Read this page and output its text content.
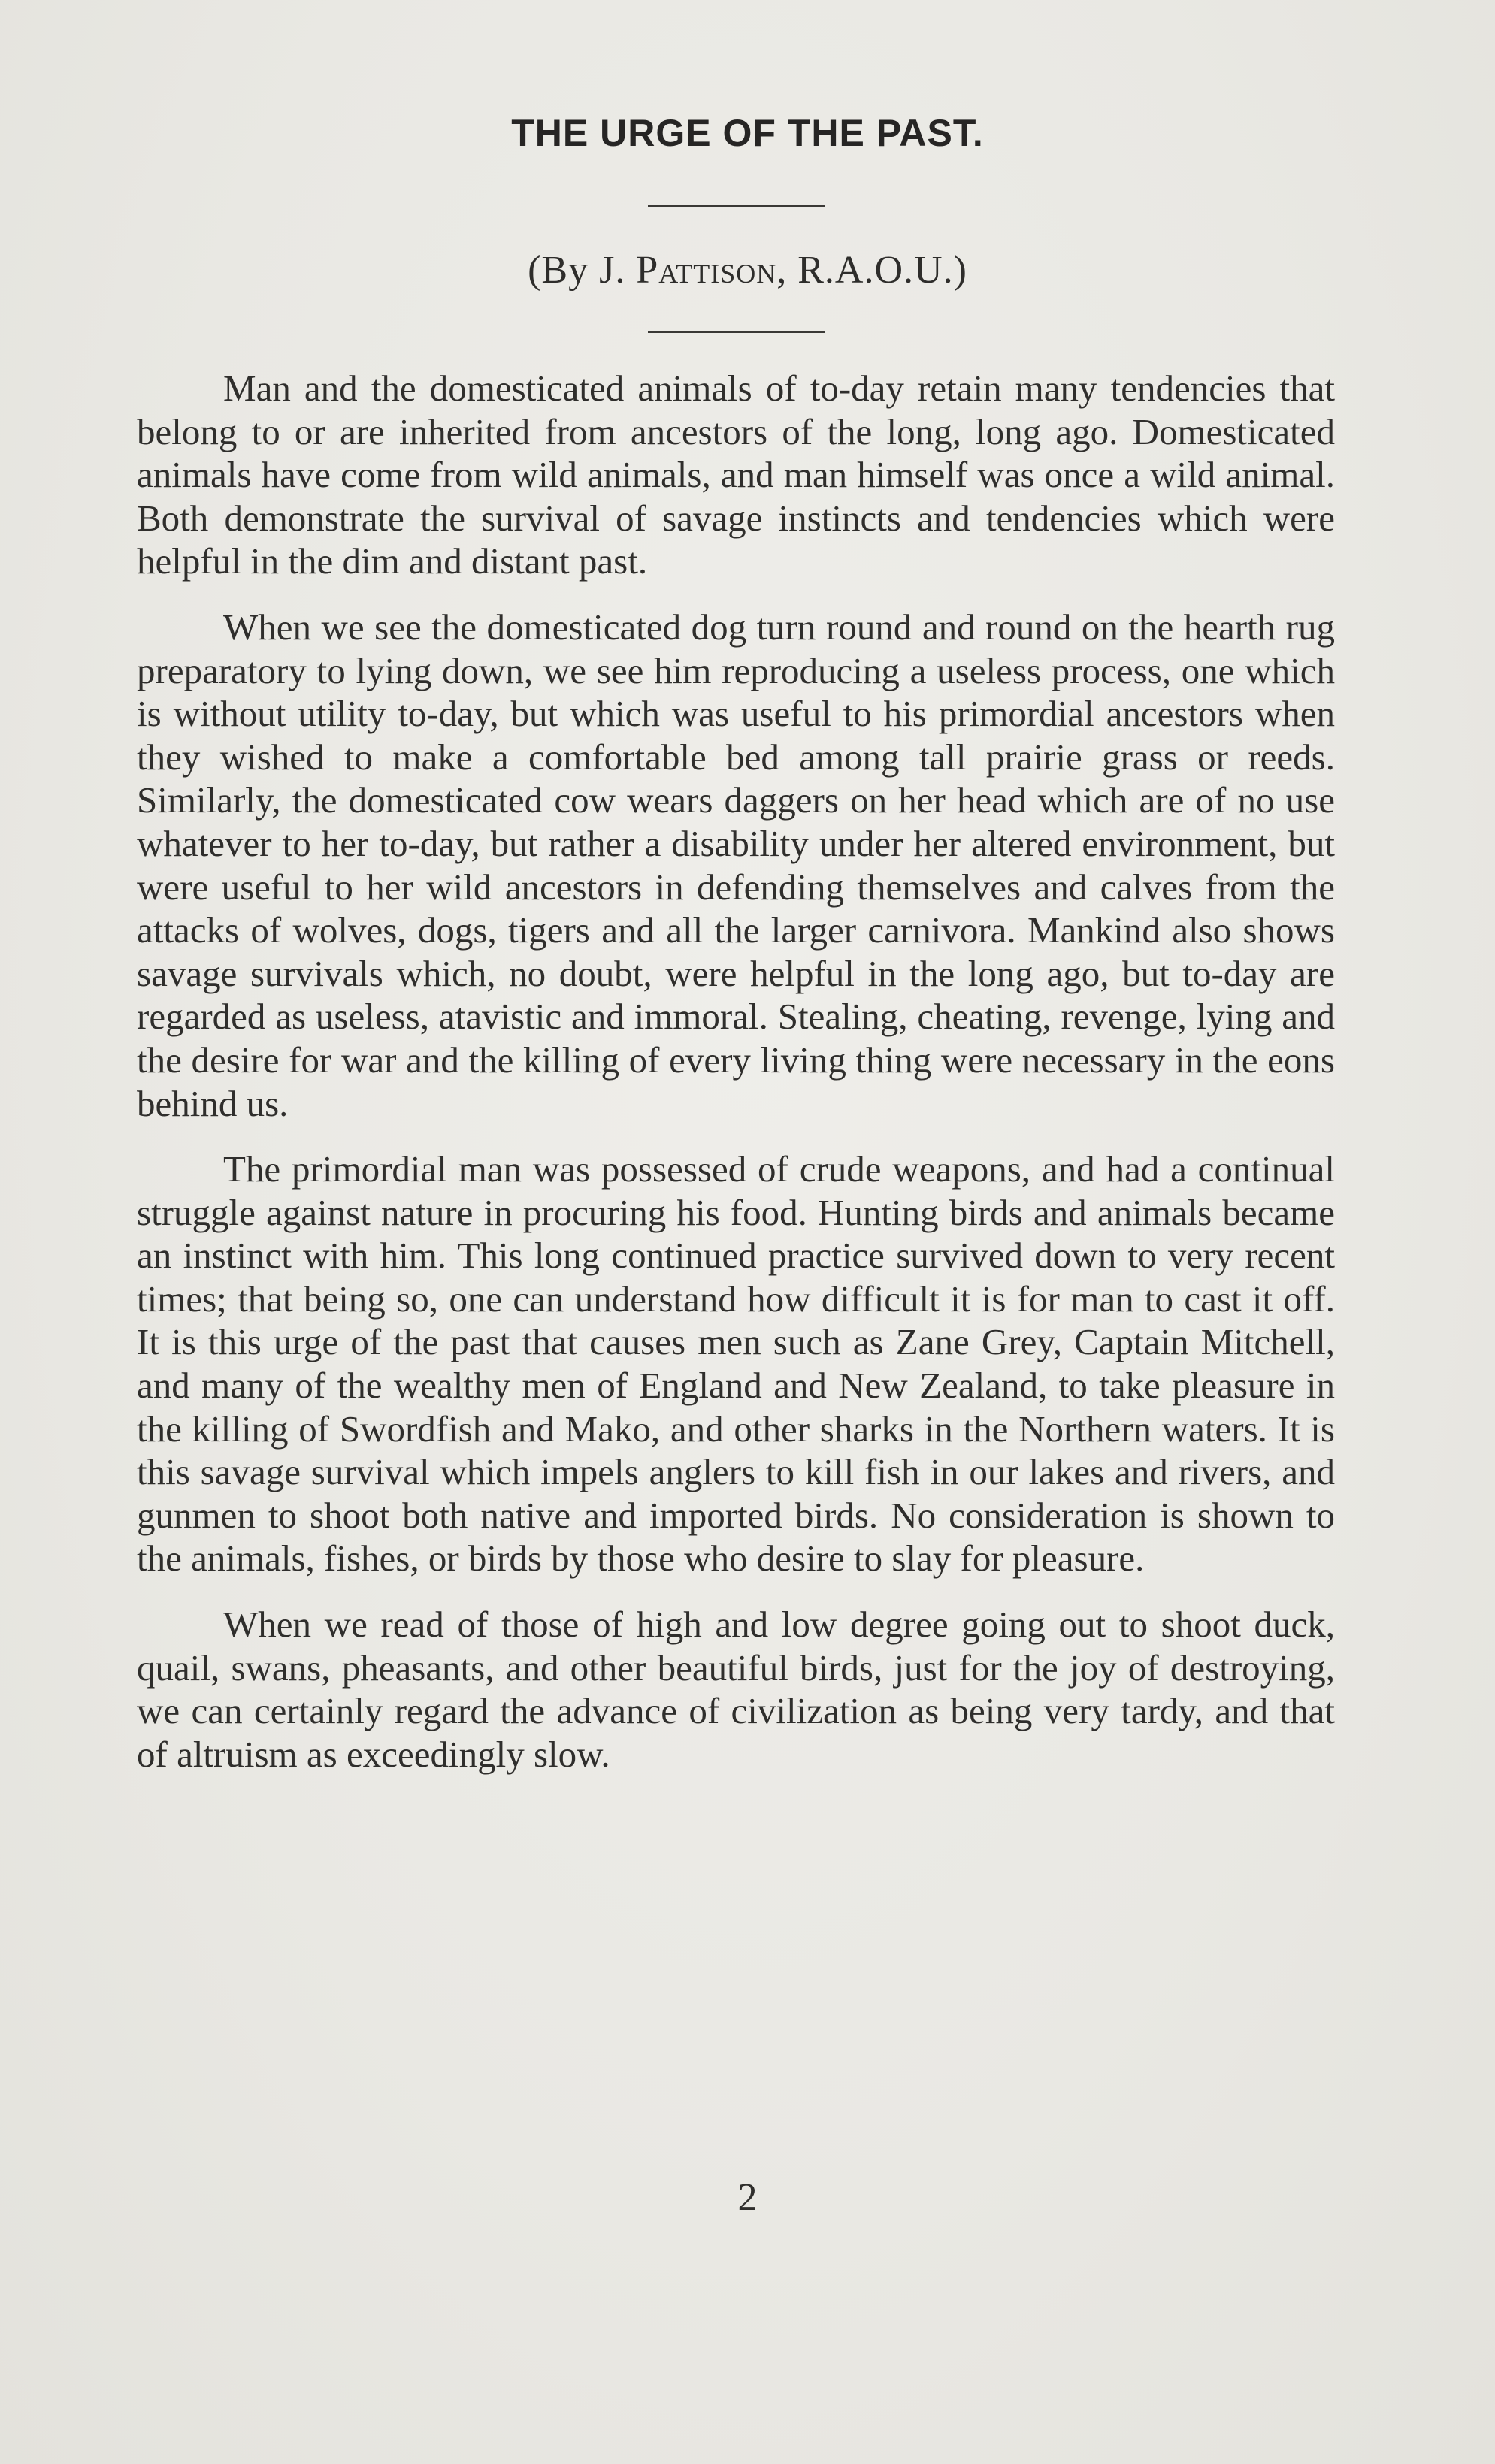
THE URGE OF THE PAST.
(By J. Pattison, R.A.O.U.)

Man and the domesticated animals of to-day retain many tendencies that belong to or are inherited from ancestors of the long, long ago. Domesticated animals have come from wild animals, and man himself was once a wild animal. Both demonstrate the survival of savage instincts and tendencies which were helpful in the dim and distant past.

When we see the domesticated dog turn round and round on the hearth rug preparatory to lying down, we see him reproducing a useless process, one which is without utility to-day, but which was useful to his primordial ancestors when they wished to make a comfortable bed among tall prairie grass or reeds. Similarly, the domesticated cow wears daggers on her head which are of no use whatever to her to-day, but rather a disability under her altered environment, but were useful to her wild ancestors in defending themselves and calves from the attacks of wolves, dogs, tigers and all the larger carnivora. Mankind also shows savage survivals which, no doubt, were helpful in the long ago, but to-day are regarded as useless, atavistic and immoral. Stealing, cheating, revenge, lying and the desire for war and the killing of every living thing were necessary in the eons behind us.

The primordial man was possessed of crude weapons, and had a continual struggle against nature in procuring his food. Hunting birds and animals became an instinct with him. This long continued practice survived down to very recent times; that being so, one can understand how difficult it is for man to cast it off. It is this urge of the past that causes men such as Zane Grey, Captain Mitchell, and many of the wealthy men of England and New Zealand, to take pleasure in the killing of Swordfish and Mako, and other sharks in the Northern waters. It is this savage survival which impels anglers to kill fish in our lakes and rivers, and gunmen to shoot both native and imported birds. No consideration is shown to the animals, fishes, or birds by those who desire to slay for pleasure.

When we read of those of high and low degree going out to shoot duck, quail, swans, pheasants, and other beautiful birds, just for the joy of destroying, we can certainly regard the advance of civilization as being very tardy, and that of altruism as exceedingly slow.

2
